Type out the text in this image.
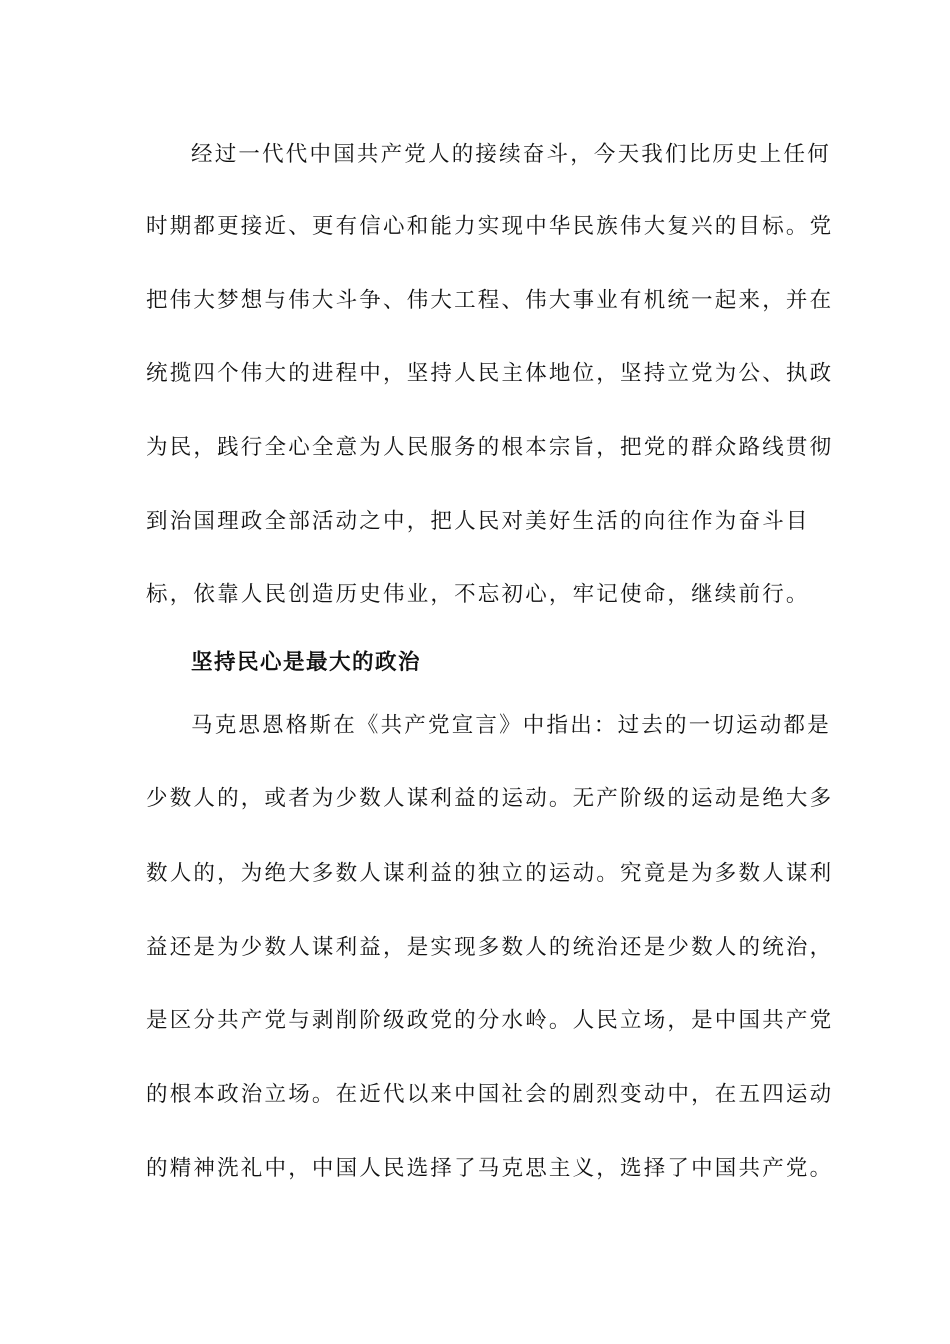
经过一代代中国共产党人的接续奋斗，今天我们比历史上任何
时期都更接近、更有信心和能力实现中华民族伟大复兴的目标。党
把伟大梦想与伟大斗争、伟大工程、伟大事业有机统一起来，并在
统揽四个伟大的进程中，坚持人民主体地位，坚持立党为公、执政
为民，践行全心全意为人民服务的根本宗旨，把党的群众路线贯彻
到治国理政全部活动之中，把人民对美好生活的向往作为奋斗目
标，依靠人民创造历史伟业，不忘初心，牢记使命，继续前行。
坚持民心是最大的政治
马克思恩格斯在《共产党宣言》中指出：过去的一切运动都是
少数人的，或者为少数人谋利益的运动。无产阶级的运动是绝大多
数人的，为绝大多数人谋利益的独立的运动。究竟是为多数人谋利
益还是为少数人谋利益，是实现多数人的统治还是少数人的统治，
是区分共产党与剥削阶级政党的分水岭。人民立场，是中国共产党
的根本政治立场。在近代以来中国社会的剧烈变动中，在五四运动
的精神洗礼中，中国人民选择了马克思主义，选择了中国共产党。
